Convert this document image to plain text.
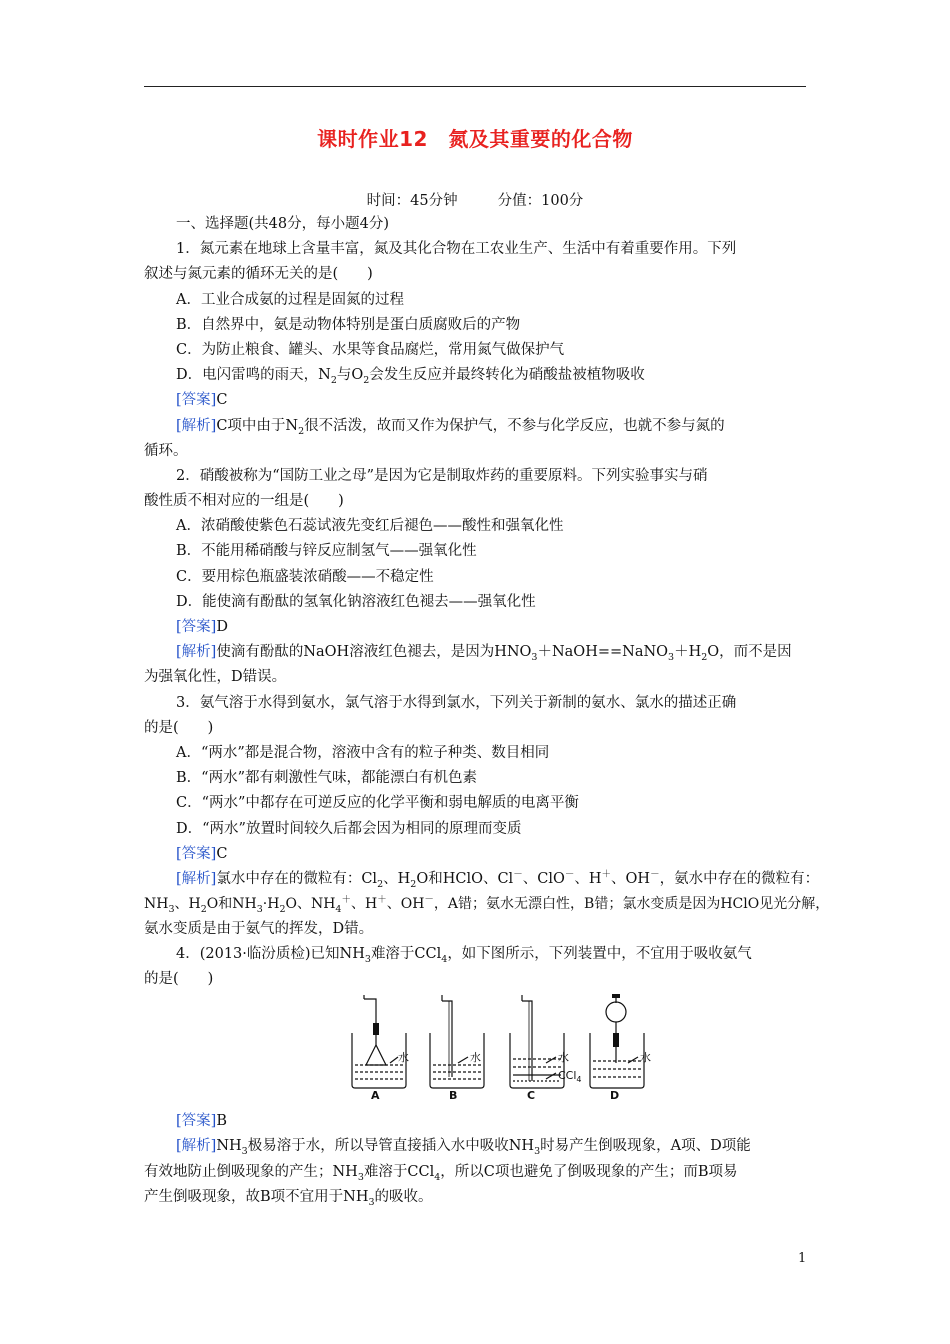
课时作业12　氮及其重要的化合物
时间：45分钟	分值：100分
一、选择题(共48分，每小题4分)
1．氮元素在地球上含量丰富，氮及其化合物在工农业生产、生活中有着重要作用。下列
叙述与氮元素的循环无关的是(　　)
A．工业合成氨的过程是固氮的过程
B．自然界中，氨是动物体特别是蛋白质腐败后的产物
C．为防止粮食、罐头、水果等食品腐烂，常用氮气做保护气
D．电闪雷鸣的雨天，$N_2$与$O_2$会发生反应并最终转化为硝酸盐被植物吸收
[答案]C
[解析]C项中由于$N_2$很不活泼，故而又作为保护气，不参与化学反应，也就不参与氮的
循环。
2．硝酸被称为“国防工业之母”是因为它是制取炸药的重要原料。下列实验事实与硝
酸性质不相对应的一组是(　　)
A．浓硝酸使紫色石蕊试液先变红后褪色——酸性和强氧化性
B．不能用稀硝酸与锌反应制氢气——强氧化性
C．要用棕色瓶盛装浓硝酸——不稳定性
D．能使滴有酚酞的氢氧化钠溶液红色褪去——强氧化性
[答案]D
[解析]使滴有酚酞的NaOH溶液红色褪去，是因为$HNO_3+NaOH==NaNO_3+H_2O$，而不是因
为强氧化性，D错误。
3．氨气溶于水得到氨水，氯气溶于水得到氯水，下列关于新制的氨水、氯水的描述正确
的是(　　)
A．“两水”都是混合物，溶液中含有的粒子种类、数目相同
B．“两水”都有刺激性气味，都能漂白有机色素
C．“两水”中都存在可逆反应的化学平衡和弱电解质的电离平衡
D．“两水”放置时间较久后都会因为相同的原理而变质
[答案]C
[解析]氯水中存在的微粒有：$Cl_2$、$H_2O$和HClO、Cl－、ClO－、H＋、OH－，氨水中存在的微粒有：
$NH_3$、$H_2O$和$NH_3\cdot H_2O$、$NH_4^+$、H＋、OH－，A错；氨水无漂白性，B错；氯水变质是因为HClO见光分解，
氨水变质是由于氨气的挥发，D错。
4．(2013·临汾质检)已知$NH_3$难溶于CCl$_4$，如下图所示，下列装置中，不宜用于吸收氨气
的是(　　)
水
A
水
B
水
CCl$_4$
C
水
D
[答案]B
[解析]$NH_3$极易溶于水，所以导管直接插入水中吸收$NH_3$时易产生倒吸现象，A项、D项能
有效地防止倒吸现象的产生；$NH_3$难溶于CCl$_4$，所以C项也避免了倒吸现象的产生；而B项易
产生倒吸现象，故B项不宜用于$NH_3$的吸收。
1
